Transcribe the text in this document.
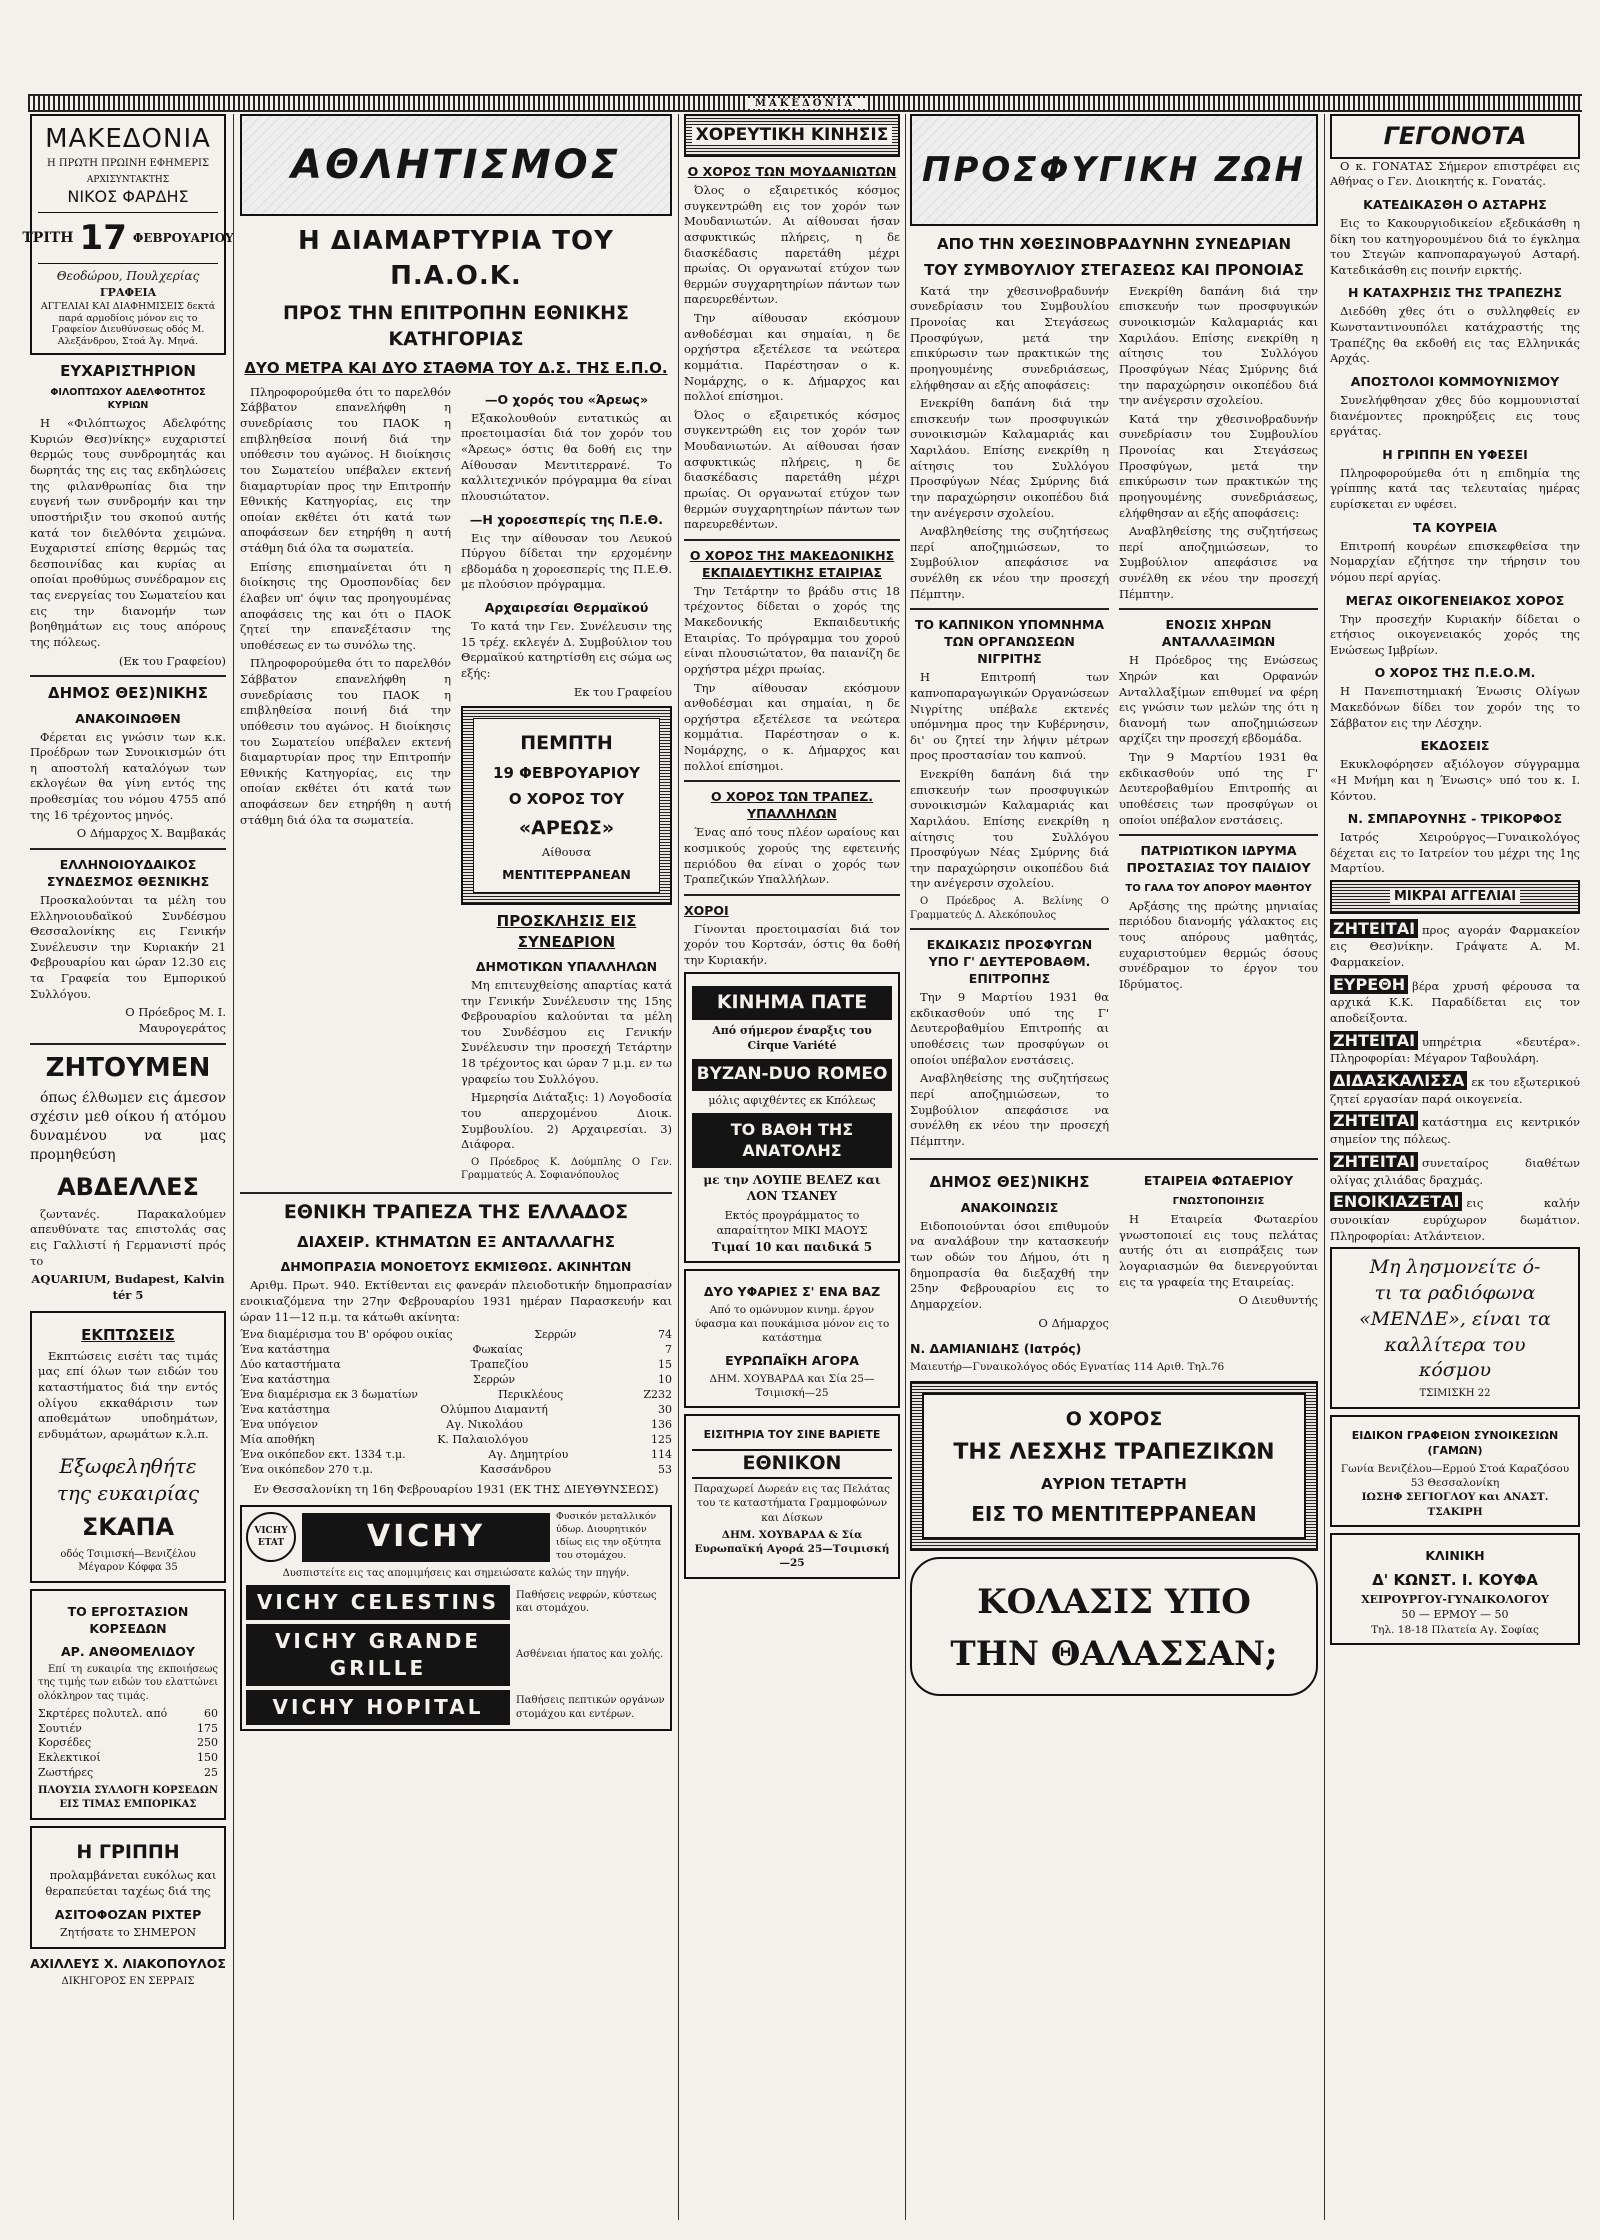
ΜΑΚΕΔΟΝΙΑ
ΜΑΚΕΔΟΝΙΑ
Η ΠΡΩΤΗ ΠΡΩΙΝΗ ΕΦΗΜΕΡΙΣ
ΑΡΧΙΣΥΝΤΑΚΤΗΣ
ΝΙΚΟΣ ΦΑΡΔΗΣ
ΤΡΙΤΗ 17 ΦΕΒΡΟΥΑΡΙΟΥ
Θεοδώρου, Πουλχερίας
ΓΡΑΦΕΙΑ
ΑΓΓΕΛΙΑΙ ΚΑΙ ΔΙΑΦΗΜΙΣΕΙΣ δεκτά παρά αρμοδίοις μόνον εις το Γραφείον Διευθύνσεως οδός Μ. Αλεξάνδρου, Στοά Άγ. Μηνά.
ΕΥΧΑΡΙΣΤΗΡΙΟΝ
ΦΙΛΟΠΤΩΧΟΥ ΑΔΕΛΦΟΤΗΤΟΣ ΚΥΡΙΩΝ

Η «Φιλόπτωχος Αδελφότης Κυριών Θεσ)νίκης» ευχαριστεί θερμώς τους συνδρομητάς και δωρητάς της εις τας εκδηλώσεις της φιλανθρωπίας δια την ευγενή των συνδρομήν και την υποστήριξιν του σκοπού αυτής κατά τον διελθόντα χειμώνα. Ευχαριστεί επίσης θερμώς τας δεσποινίδας και κυρίας αι οποίαι προθύμως συνέδραμον εις τας ενεργείας του Σωματείου και εις την διανομήν των βοηθημάτων εις τους απόρους της πόλεως.

(Εκ του Γραφείου)

ΔΗΜΟΣ ΘΕΣ)ΝΙΚΗΣ
ΑΝΑΚΟΙΝΩΘΕΝ

Φέρεται εις γνώσιν των κ.κ. Προέδρων των Συνοικισμών ότι η αποστολή καταλόγων των εκλογέων θα γίνη εντός της προθεσμίας του νόμου 4755 από της 16 τρέχοντος μηνός.

Ο Δήμαρχος Χ. Βαμβακάς

ΕΛΛΗΝΟΙΟΥΔΑΙΚΟΣ ΣΥΝΔΕΣΜΟΣ ΘΕΣΝΙΚΗΣ

Προσκαλούνται τα μέλη του Ελληνοιουδαϊκού Συνδέσμου Θεσσαλονίκης εις Γενικήν Συνέλευσιν την Κυριακήν 21 Φεβρουαρίου και ώραν 12.30 εις τα Γραφεία του Εμπορικού Συλλόγου.

Ο Πρόεδρος Μ. Ι. Μαυρογεράτος

ΖΗΤΟΥΜΕΝ

όπως έλθωμεν εις άμεσον σχέσιν μεθ οίκου ή ατόμου δυναμένου να μας προμηθεύση

ΑΒΔΕΛΛΕΣ

ζωντανές. Παρακαλούμεν απευθύνατε τας επιστολάς σας εις Γαλλιστί ή Γερμανιστί πρός το

AQUARIUM, Budapest, Kalvin tér 5

ΕΚΠΤΩΣΕΙΣ

Εκπτώσεις εισέτι τας τιμάς μας επί όλων των ειδών του καταστήματος διά την εντός ολίγου εκκαθάρισιν των αποθεμάτων υποδημάτων, ενδυμάτων, αρωμάτων κ.λ.π.

Εξωφεληθήτε
της ευκαιρίας
ΣΚΑΠΑ
οδός Τσιμισκή—Βενιζέλου Μέγαρον Κόφφα 35
ΤΟ ΕΡΓΟΣΤΑΣΙΟΝ ΚΟΡΣΕΔΩΝ
ΑΡ. ΑΝΘΟΜΕΛΙΔΟΥ

Επί τη ευκαιρία της εκποιήσεως της τιμής των ειδών του ελαττώνει ολόκληρον τας τιμάς.

Σκρτέρες πολυτελ. από	60
Σουτιέν	175
Κορσέδες	250
Εκλεκτικοί	150
Ζωστήρες	25
ΠΛΟΥΣΙΑ ΣΥΛΛΟΓΗ ΚΟΡΣΕΔΩΝ ΕΙΣ ΤΙΜΑΣ ΕΜΠΟΡΙΚΑΣ
Η ΓΡΙΠΠΗ

προλαμβάνεται ευκόλως και θεραπεύεται ταχέως διά της

ΑΣΙΤΟΦΟΖΑΝ ΡΙΧΤΕΡ
Ζητήσατε το ΣΗΜΕΡΟΝ
ΑΧΙΛΛΕΥΣ Χ. ΛΙΑΚΟΠΟΥΛΟΣ
ΔΙΚΗΓΟΡΟΣ ΕΝ ΣΕΡΡΑΙΣ
ΑΘΛΗΤΙΣΜΟΣ
Η ΔΙΑΜΑΡΤΥΡΙΑ ΤΟΥ Π.Α.Ο.Κ.
ΠΡΟΣ ΤΗΝ ΕΠΙΤΡΟΠΗΝ ΕΘΝΙΚΗΣ ΚΑΤΗΓΟΡΙΑΣ
ΔΥΟ ΜΕΤΡΑ ΚΑΙ ΔΥΟ ΣΤΑΘΜΑ ΤΟΥ Δ.Σ. ΤΗΣ Ε.Π.Ο.

Πληροφορούμεθα ότι το παρελθόν Σάββατον επανελήφθη η συνεδρίασις του ΠΑΟΚ η επιβληθείσα ποινή διά την υπόθεσιν του αγώνος. Η διοίκησις του Σωματείου υπέβαλεν εκτενή διαμαρτυρίαν προς την Επιτροπήν Εθνικής Κατηγορίας, εις την οποίαν εκθέτει ότι κατά των αποφάσεων δεν ετηρήθη η αυτή στάθμη διά όλα τα σωματεία.

Επίσης επισημαίνεται ότι η διοίκησις της Ομοσπονδίας δεν έλαβεν υπ' όψιν τας προηγουμένας αποφάσεις της και ότι ο ΠΑΟΚ ζητεί την επανεξέτασιν της υποθέσεως εν τω συνόλω της.

Πληροφορούμεθα ότι το παρελθόν Σάββατον επανελήφθη η συνεδρίασις του ΠΑΟΚ η επιβληθείσα ποινή διά την υπόθεσιν του αγώνος. Η διοίκησις του Σωματείου υπέβαλεν εκτενή διαμαρτυρίαν προς την Επιτροπήν Εθνικής Κατηγορίας, εις την οποίαν εκθέτει ότι κατά των αποφάσεων δεν ετηρήθη η αυτή στάθμη διά όλα τα σωματεία.

—Ο χορός του «Άρεως»

Εξακολουθούν εντατικώς αι προετοιμασίαι διά τον χορόν του «Άρεως» όστις θα δοθή εις την Αίθουσαν Μεντιτερρανέ. Το καλλιτεχνικόν πρόγραμμα θα είναι πλουσιώτατον.

—Η χοροεσπερίς της Π.Ε.Θ.

Εις την αίθουσαν του Λευκού Πύργου δίδεται την ερχομένην εβδομάδα η χοροεσπερίς της Π.Ε.Θ. με πλούσιον πρόγραμμα.

Αρχαιρεσίαι Θερμαϊκού

Το κατά την Γεν. Συνέλευσιν της 15 τρέχ. εκλεγέν Δ. Συμβούλιον του Θερμαϊκού κατηρτίσθη εις σώμα ως εξής:

Εκ του Γραφείου

ΠΕΜΠΤΗ
19 ΦΕΒΡΟΥΑΡΙΟΥ
Ο ΧΟΡΟΣ ΤΟΥ
«ΑΡΕΩΣ»
Αίθουσα
ΜΕΝΤΙΤΕΡΡΑΝΕΑΝ
ΠΡΟΣΚΛΗΣΙΣ ΕΙΣ ΣΥΝΕΔΡΙΟΝ
ΔΗΜΟΤΙΚΩΝ ΥΠΑΛΛΗΛΩΝ

Μη επιτευχθείσης απαρτίας κατά την Γενικήν Συνέλευσιν της 15ης Φεβρουαρίου καλούνται τα μέλη του Συνδέσμου εις Γενικήν Συνέλευσιν την προσεχή Τετάρτην 18 τρέχοντος και ώραν 7 μ.μ. εν τω γραφείω του Συλλόγου.

Ημερησία Διάταξις: 1) Λογοδοσία του απερχομένου Διοικ. Συμβουλίου. 2) Αρχαιρεσίαι. 3) Διάφορα.

Ο Πρόεδρος Κ. Δούμπλης Ο Γεν. Γραμματεύς Α. Σοφιανόπουλος

ΕΘΝΙΚΗ ΤΡΑΠΕΖΑ ΤΗΣ ΕΛΛΑΔΟΣ
ΔΙΑΧΕΙΡ. ΚΤΗΜΑΤΩΝ ΕΞ ΑΝΤΑΛΛΑΓΗΣ
ΔΗΜΟΠΡΑΣΙΑ ΜΟΝΟΕΤΟΥΣ ΕΚΜΙΣΘΩΣ. ΑΚΙΝΗΤΩΝ

Αριθμ. Πρωτ. 940. Εκτίθενται εις φανεράν πλειοδοτικήν δημοπρασίαν ενοικιαζόμενα την 27ην Φεβρουαρίου 1931 ημέραν Παρασκευήν και ώραν 11—12 π.μ. τα κάτωθι ακίνητα:

Ένα διαμέρισμα του Β' ορόφου οικίας	Σερρών	74
Ένα κατάστημα	Φωκαίας	7
Δύο καταστήματα	Τραπεζίου	15
Ένα κατάστημα	Σερρών	10
Ένα διαμέρισμα εκ 3 δωματίων	Περικλέους	Z232
Ένα κατάστημα	Ολύμπου Διαμαντή	30
Ένα υπόγειον	Αγ. Νικολάου	136
Μία αποθήκη	Κ. Παλαιολόγου	125
Ένα οικόπεδον εκτ. 1334 τ.μ.	Αγ. Δημητρίου	114
Ένα οικόπεδον 270 τ.μ.	Κασσάνδρου	53

Εν Θεσσαλονίκη τη 16η Φεβρουαρίου 1931 (ΕΚ ΤΗΣ ΔΙΕΥΘΥΝΣΕΩΣ)

VICHY ETAT	VICHY
Φυσικόν μεταλλικόν ύδωρ. Διουρητικόν ιδίως εις την οξύτητα του στομάχου.

Δυσπιστείτε εις τας απομιμήσεις και σημειώσατε καλώς την πηγήν.

VICHY CELESTINS	Παθήσεις νεφρών, κύστεως και στομάχου.
VICHY GRANDE GRILLE
Ασθένειαι ήπατος και χολής.
VICHY HOPITAL	Παθήσεις πεπτικών οργάνων στομάχου και εντέρων.
ΧΟΡΕΥΤΙΚΗ ΚΙΝΗΣΙΣ
Ο ΧΟΡΟΣ ΤΩΝ ΜΟΥΔΑΝΙΩΤΩΝ

Όλος ο εξαιρετικός κόσμος συγκεντρώθη εις τον χορόν των Μουδανιωτών. Αι αίθουσαι ήσαν ασφυκτικώς πλήρεις, η δε διασκέδασις παρετάθη μέχρι πρωίας. Οι οργανωταί ετύχον των θερμών συγχαρητηρίων πάντων των παρευρεθέντων.

Την αίθουσαν εκόσμουν ανθοδέσμαι και σημαίαι, η δε ορχήστρα εξετέλεσε τα νεώτερα κομμάτια. Παρέστησαν ο κ. Νομάρχης, ο κ. Δήμαρχος και πολλοί επίσημοι.

Όλος ο εξαιρετικός κόσμος συγκεντρώθη εις τον χορόν των Μουδανιωτών. Αι αίθουσαι ήσαν ασφυκτικώς πλήρεις, η δε διασκέδασις παρετάθη μέχρι πρωίας. Οι οργανωταί ετύχον των θερμών συγχαρητηρίων πάντων των παρευρεθέντων.

Ο ΧΟΡΟΣ ΤΗΣ ΜΑΚΕΔΟΝΙΚΗΣ ΕΚΠΑΙΔΕΥΤΙΚΗΣ ΕΤΑΙΡΙΑΣ

Την Τετάρτην το βράδυ στις 18 τρέχοντος δίδεται ο χορός της Μακεδονικής Εκπαιδευτικής Εταιρίας. Το πρόγραμμα του χορού είναι πλουσιώτατον, θα παιανίζη δε ορχήστρα μέχρι πρωίας.

Την αίθουσαν εκόσμουν ανθοδέσμαι και σημαίαι, η δε ορχήστρα εξετέλεσε τα νεώτερα κομμάτια. Παρέστησαν ο κ. Νομάρχης, ο κ. Δήμαρχος και πολλοί επίσημοι.

Ο ΧΟΡΟΣ ΤΩΝ ΤΡΑΠΕΖ. ΥΠΑΛΛΗΛΩΝ

Ένας από τους πλέον ωραίους και κοσμικούς χορούς της εφετεινής περιόδου θα είναι ο χορός των Τραπεζικών Υπαλλήλων.

ΧΟΡΟΙ

Γίνονται προετοιμασίαι διά τον χορόν του Κορτσάν, όστις θα δοθή την Κυριακήν.

ΚΙΝΗΜΑ ΠΑΤΕ
Από σήμερον έναρξις του Cirque Variété
ΒΥΖΑΝ-DUO ROMEO
μόλις αφιχθέντες εκ Κπόλεως
ΤΟ ΒΑΘΗ ΤΗΣ ΑΝΑΤΟΛΗΣ
με την ΛΟΥΠΕ ΒΕΛΕΖ και ΛΟΝ ΤΣΑΝΕΥ
Εκτός προγράμματος το απαραίτητον ΜΙΚΙ ΜΑΟΥΣ
Τιμαί 10 και παιδικά 5
ΔΥΟ ΥΦΑΡΙΕΣ Σ' ΕΝΑ ΒΑΖ
Από το ομώνυμον κινημ. έργον ύφασμα και πουκάμισα μόνον εις το κατάστημα
ΕΥΡΩΠΑΪΚΗ ΑΓΟΡΑ
ΔΗΜ. ΧΟΥΒΑΡΔΑ και Σία 25—Τσιμισκή—25
ΕΙΣΙΤΗΡΙΑ ΤΟΥ ΣΙΝΕ ΒΑΡΙΕΤΕ
ΕΘΝΙΚΟΝ
Παραχωρεί Δωρεάν εις τας Πελάτας του τε καταστήματα Γραμμοφώνων και Δίσκων
ΔΗΜ. ΧΟΥΒΑΡΔΑ & Σία Ευρωπαϊκή Αγορά 25—Τσιμισκή—25
ΠΡΟΣΦΥΓΙΚΗ ΖΩΗ
ΑΠΟ ΤΗΝ ΧΘΕΣΙΝΟΒΡΑΔΥΝΗΝ ΣΥΝΕΔΡΙΑΝ
ΤΟΥ ΣΥΜΒΟΥΛΙΟΥ ΣΤΕΓΑΣΕΩΣ ΚΑΙ ΠΡΟΝΟΙΑΣ

Κατά την χθεσινοβραδυνήν συνεδρίασιν του Συμβουλίου Προνοίας και Στεγάσεως Προσφύγων, μετά την επικύρωσιν των πρακτικών της προηγουμένης συνεδριάσεως, ελήφθησαν αι εξής αποφάσεις:

Ενεκρίθη δαπάνη διά την επισκευήν των προσφυγικών συνοικισμών Καλαμαριάς και Χαριλάου. Επίσης ενεκρίθη η αίτησις του Συλλόγου Προσφύγων Νέας Σμύρνης διά την παραχώρησιν οικοπέδου διά την ανέγερσιν σχολείου.

Αναβληθείσης της συζητήσεως περί αποζημιώσεων, το Συμβούλιον απεφάσισε να συνέλθη εκ νέου την προσεχή Πέμπτην.

ΤΟ ΚΑΠΝΙΚΟΝ ΥΠΟΜΝΗΜΑ ΤΩΝ ΟΡΓΑΝΩΣΕΩΝ ΝΙΓΡΙΤΗΣ

Η Επιτροπή των καπνοπαραγωγικών Οργανώσεων Νιγρίτης υπέβαλε εκτενές υπόμνημα προς την Κυβέρνησιν, δι' ου ζητεί την λήψιν μέτρων προς προστασίαν του καπνού.

Ενεκρίθη δαπάνη διά την επισκευήν των προσφυγικών συνοικισμών Καλαμαριάς και Χαριλάου. Επίσης ενεκρίθη η αίτησις του Συλλόγου Προσφύγων Νέας Σμύρνης διά την παραχώρησιν οικοπέδου διά την ανέγερσιν σχολείου.

Ο Πρόεδρος Α. Βελίνης Ο Γραμματεύς Δ. Αλεκόπουλος

ΕΚΔΙΚΑΣΙΣ ΠΡΟΣΦΥΓΩΝ ΥΠΟ Γ' ΔΕΥΤΕΡΟΒΑΘΜ. ΕΠΙΤΡΟΠΗΣ

Την 9 Μαρτίου 1931 θα εκδικασθούν υπό της Γ' Δευτεροβαθμίου Επιτροπής αι υποθέσεις των προσφύγων οι οποίοι υπέβαλον ενστάσεις.

Αναβληθείσης της συζητήσεως περί αποζημιώσεων, το Συμβούλιον απεφάσισε να συνέλθη εκ νέου την προσεχή Πέμπτην.

Ενεκρίθη δαπάνη διά την επισκευήν των προσφυγικών συνοικισμών Καλαμαριάς και Χαριλάου. Επίσης ενεκρίθη η αίτησις του Συλλόγου Προσφύγων Νέας Σμύρνης διά την παραχώρησιν οικοπέδου διά την ανέγερσιν σχολείου.

Κατά την χθεσινοβραδυνήν συνεδρίασιν του Συμβουλίου Προνοίας και Στεγάσεως Προσφύγων, μετά την επικύρωσιν των πρακτικών της προηγουμένης συνεδριάσεως, ελήφθησαν αι εξής αποφάσεις:

Αναβληθείσης της συζητήσεως περί αποζημιώσεων, το Συμβούλιον απεφάσισε να συνέλθη εκ νέου την προσεχή Πέμπτην.

ΕΝΟΣΙΣ ΧΗΡΩΝ ΑΝΤΑΛΛΑΞΙΜΩΝ

Η Πρόεδρος της Ενώσεως Χηρών και Ορφανών Ανταλλαξίμων επιθυμεί να φέρη εις γνώσιν των μελών της ότι η διανομή των αποζημιώσεων αρχίζει την προσεχή εβδομάδα.

Την 9 Μαρτίου 1931 θα εκδικασθούν υπό της Γ' Δευτεροβαθμίου Επιτροπής αι υποθέσεις των προσφύγων οι οποίοι υπέβαλον ενστάσεις.

ΠΑΤΡΙΩΤΙΚΟΝ ΙΔΡΥΜΑ ΠΡΟΣΤΑΣΙΑΣ ΤΟΥ ΠΑΙΔΙΟΥ
ΤΟ ΓΑΛΑ ΤΟΥ ΑΠΟΡΟΥ ΜΑΘΗΤΟΥ

Αρξάσης της πρώτης μηνιαίας περιόδου διανομής γάλακτος εις τους απόρους μαθητάς, ευχαριστούμεν θερμώς όσους συνέδραμον το έργον του Ιδρύματος.

ΔΗΜΟΣ ΘΕΣ)ΝΙΚΗΣ
ΑΝΑΚΟΙΝΩΣΙΣ

Ειδοποιούνται όσοι επιθυμούν να αναλάβουν την κατασκευήν των οδών του Δήμου, ότι η δημοπρασία θα διεξαχθή την 25ην Φεβρουαρίου εις το Δημαρχείον.

Ο Δήμαρχος

ΕΤΑΙΡΕΙΑ ΦΩΤΑΕΡΙΟΥ
ΓΝΩΣΤΟΠΟΙΗΣΙΣ

Η Εταιρεία Φωταερίου γνωστοποιεί εις τους πελάτας αυτής ότι αι εισπράξεις των λογαριασμών θα διενεργούνται εις τα γραφεία της Εταιρείας.

Ο Διευθυντής

Ν. ΔΑΜΙΑΝΙΔΗΣ (Ιατρός)
Μαιευτήρ—Γυναικολόγος οδός Εγνατίας 114 Αριθ. Τηλ.76
Ο ΧΟΡΟΣ
ΤΗΣ ΛΕΣΧΗΣ ΤΡΑΠΕΖΙΚΩΝ
ΑΥΡΙΟΝ ΤΕΤΑΡΤΗ
ΕΙΣ ΤΟ ΜΕΝΤΙΤΕΡΡΑΝΕΑΝ
ΚΟΛΑΣΙΣ ΥΠΟ
ΤΗΝ ΘΑΛΑΣΣΑΝ;
ΓΕΓΟΝΟΤΑ

Ο κ. ΓΟΝΑΤΑΣ Σήμερον επιστρέφει εις Αθήνας ο Γεν. Διοικητής κ. Γονατάς.

ΚΑΤΕΔΙΚΑΣΘΗ Ο ΑΣΤΑΡΗΣ

Εις το Κακουργιοδικείον εξεδικάσθη η δίκη του κατηγορουμένου διά το έγκλημα του Στεγών καπνοπαραγωγού Ασταρή. Κατεδικάσθη εις ποινήν ειρκτής.

Η ΚΑΤΑΧΡΗΣΙΣ ΤΗΣ ΤΡΑΠΕΖΗΣ

Διεδόθη χθες ότι ο συλληφθείς εν Κωνσταντινουπόλει κατάχραστής της Τραπέζης θα εκδοθή εις τας Ελληνικάς Αρχάς.

ΑΠΟΣΤΟΛΟΙ ΚΟΜΜΟΥΝΙΣΜΟΥ

Συνελήφθησαν χθες δύο κομμουνισταί διανέμοντες προκηρύξεις εις τους εργάτας.

Η ΓΡΙΠΠΗ ΕΝ ΥΦΕΣΕΙ

Πληροφορούμεθα ότι η επιδημία της γρίππης κατά τας τελευταίας ημέρας ευρίσκεται εν υφέσει.

ΤΑ ΚΟΥΡΕΙΑ

Επιτροπή κουρέων επισκεφθείσα την Νομαρχίαν εζήτησε την τήρησιν του νόμου περί αργίας.

ΜΕΓΑΣ ΟΙΚΟΓΕΝΕΙΑΚΟΣ ΧΟΡΟΣ

Την προσεχήν Κυριακήν δίδεται ο ετήσιος οικογενειακός χορός της Ενώσεως Ιμβρίων.

Ο ΧΟΡΟΣ ΤΗΣ Π.Ε.Ο.Μ.

Η Πανεπιστημιακή Ένωσις Ολίγων Μακεδόνων δίδει τον χορόν της το Σάββατον εις την Λέσχην.

ΕΚΔΟΣΕΙΣ

Εκυκλοφόρησεν αξιόλογον σύγγραμμα «Η Μνήμη και η Ένωσις» υπό του κ. Ι. Κόντου.

Ν. ΣΜΠΑΡΟΥΝΗΣ - ΤΡΙΚΟΡΦΟΣ

Ιατρός Χειρούργος—Γυναικολόγος δέχεται εις το Ιατρείον του μέχρι της 1ης Μαρτίου.

ΜΙΚΡΑΙ ΑΓΓΕΛΙΑΙ

ΖΗΤΕΙΤΑΙ προς αγοράν Φαρμακείον εις Θεσ)νίκην. Γράψατε Α. Μ. Φαρμακείον.

ΕΥΡΕΘΗ βέρα χρυσή φέρουσα τα αρχικά Κ.Κ. Παραδίδεται εις τον αποδείξοντα.

ΖΗΤΕΙΤΑΙ υπηρέτρια «δευτέρα». Πληροφορίαι: Μέγαρον Ταβουλάρη.

ΔΙΔΑΣΚΑΛΙΣΣΑ εκ του εξωτερικού ζητεί εργασίαν παρά οικογενεία.

ΖΗΤΕΙΤΑΙ κατάστημα εις κεντρικόν σημείον της πόλεως.

ΖΗΤΕΙΤΑΙ συνεταίρος διαθέτων ολίγας χιλιάδας δραχμάς.

ΕΝΟΙΚΙΑΖΕΤΑΙ εις καλήν συνοικίαν ευρύχωρον δωμάτιον. Πληροφορίαι: Ατλάντειον.

Μη λησμονείτε ό-
τι τα ραδιόφωνα
«ΜΕΝΔΕ», είναι τα
καλλίτερα του
κόσμου
ΤΣΙΜΙΣΚΗ 22
ΕΙΔΙΚΟΝ ΓΡΑΦΕΙΟΝ ΣΥΝΟΙΚΕΣΙΩΝ (ΓΑΜΩΝ)
Γωνία Βενιζέλου—Ερμού Στοά Καραζόσου 53 Θεσσαλονίκη
ΙΩΣΗΦ ΣΕΓΙΟΓΛΟΥ και ΑΝΑΣΤ. ΤΣΑΚΙΡΗ
ΚΛΙΝΙΚΗ
Δ' ΚΩΝΣΤ. Ι. ΚΟΥΦΑ
ΧΕΙΡΟΥΡΓΟΥ-ΓΥΝΑΙΚΟΛΟΓΟΥ
50 — ΕΡΜΟΥ — 50
Τηλ. 18-18 Πλατεία Αγ. Σοφίας
